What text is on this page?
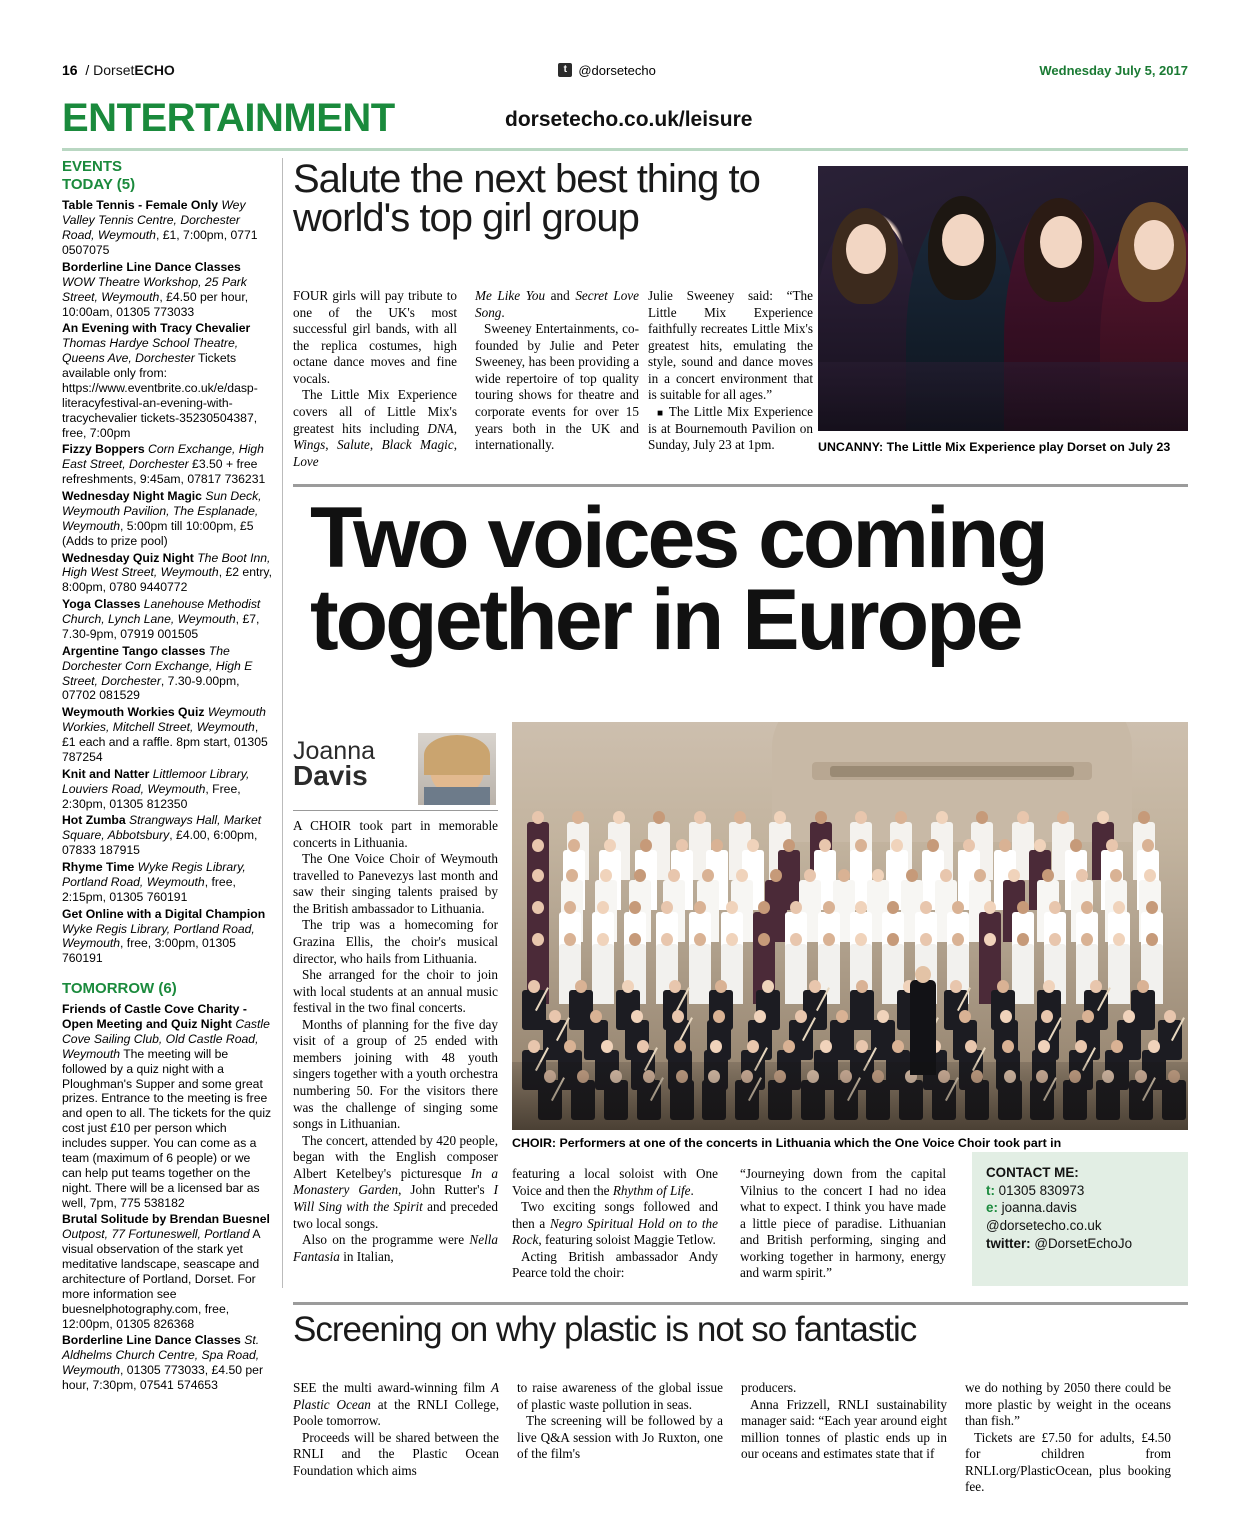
16  / DorsetECHO	t @dorsetecho	Wednesday July 5, 2017
ENTERTAINMENT	dorsetecho.co.uk/leisure
EVENTS
TODAY (5)
Table Tennis - Female Only Wey Valley Tennis Centre, Dorchester Road, Weymouth, £1, 7:00pm, 0771 0507075
Borderline Line Dance Classes WOW Theatre Workshop, 25 Park Street, Weymouth, £4.50 per hour, 10:00am, 01305 773033
An Evening with Tracy Chevalier Thomas Hardye School Theatre, Queens Ave, Dorchester Tickets available only from: https://www.eventbrite.co.uk/e/dasp-literacyfestival-an-evening-with-tracychevalier tickets-35230504387, free, 7:00pm
Fizzy Boppers Corn Exchange, High East Street, Dorchester £3.50 + free refreshments, 9:45am, 07817 736231
Wednesday Night Magic Sun Deck, Weymouth Pavilion, The Esplanade, Weymouth, 5:00pm till 10:00pm, £5 (Adds to prize pool)
Wednesday Quiz Night The Boot Inn, High West Street, Weymouth, £2 entry, 8:00pm, 0780 9440772
Yoga Classes Lanehouse Methodist Church, Lynch Lane, Weymouth, £7, 7.30-9pm, 07919 001505
Argentine Tango classes The Dorchester Corn Exchange, High E Street, Dorchester, 7.30-9.00pm, 07702 081529
Weymouth Workies Quiz Weymouth Workies, Mitchell Street, Weymouth, £1 each and a raffle. 8pm start, 01305 787254
Knit and Natter Littlemoor Library, Louviers Road, Weymouth, Free, 2:30pm, 01305 812350
Hot Zumba Strangways Hall, Market Square, Abbotsbury, £4.00, 6:00pm, 07833 187915
Rhyme Time Wyke Regis Library, Portland Road, Weymouth, free, 2:15pm, 01305 760191
Get Online with a Digital Champion Wyke Regis Library, Portland Road, Weymouth, free, 3:00pm, 01305 760191
TOMORROW (6)
Friends of Castle Cove Charity - Open Meeting and Quiz Night Castle Cove Sailing Club, Old Castle Road, Weymouth The meeting will be followed by a quiz night with a Ploughman's Supper and some great prizes. Entrance to the meeting is free and open to all. The tickets for the quiz cost just £10 per person which includes supper. You can come as a team (maximum of 6 people) or we can help put teams together on the night. There will be a licensed bar as well, 7pm, 775 538182
Brutal Solitude by Brendan Buesnel Outpost, 77 Fortuneswell, Portland A visual observation of the stark yet meditative landscape, seascape and architecture of Portland, Dorset. For more information see buesnelphotography.com, free, 12:00pm, 01305 826368
Borderline Line Dance Classes St. Aldhelms Church Centre, Spa Road, Weymouth, 01305 773033, £4.50 per hour, 7:30pm, 07541 574653
Salute the next best thing to world's top girl group
UNCANNY: The Little Mix Experience play Dorset on July 23

FOUR girls will pay tribute to one of the UK's most successful girl bands, with all the replica costumes, high octane dance moves and fine vocals.

The Little Mix Experience covers all of Little Mix's greatest hits including DNA, Wings, Salute, Black Magic, Love

Me Like You and Secret Love Song.

Sweeney Entertainments, co-founded by Julie and Peter Sweeney, has been providing a wide repertoire of top quality touring shows for theatre and corporate events for over 15 years both in the UK and internationally.

Julie Sweeney said: “The Little Mix Experience faithfully recreates Little Mix's greatest hits, emulating the style, sound and dance moves in a concert environment that is suitable for all ages.”

■ The Little Mix Experience is at Bournemouth Pavilion on Sunday, July 23 at 1pm.

Two voices coming
together in Europe
Joanna
Davis

A CHOIR took part in memorable concerts in Lithuania.

The One Voice Choir of Weymouth travelled to Panevezys last month and saw their singing talents praised by the British ambassador to Lithuania.

The trip was a homecoming for Grazina Ellis, the choir's musical director, who hails from Lithuania.

She arranged for the choir to join with local students at an annual music festival in the two final concerts.

Months of planning for the five day visit of a group of 25 ended with members joining with 48 youth singers together with a youth orchestra numbering 50. For the visitors there was the challenge of singing some songs in Lithuanian.

The concert, attended by 420 people, began with the English composer Albert Ketelbey's picturesque In a Monastery Garden, John Rutter's I Will Sing with the Spirit and preceded two local songs.

Also on the programme were Nella Fantasia in Italian,

CHOIR: Performers at one of the concerts in Lithuania which the One Voice Choir took part in

featuring a local soloist with One Voice and then the Rhythm of Life.

Two exciting songs followed and then a Negro Spiritual Hold on to the Rock, featuring soloist Maggie Tetlow.

Acting British ambassador Andy Pearce told the choir:

“Journeying down from the capital Vilnius to the concert I had no idea what to expect. I think you have made a little piece of paradise. Lithuanian and British performing, singing and working together in harmony, energy and warm spirit.”

CONTACT ME:
t: 01305 830973
e: joanna.davis
@dorsetecho.co.uk
twitter: @DorsetEchoJo
Screening on why plastic is not so fantastic

SEE the multi award-winning film A Plastic Ocean at the RNLI College, Poole tomorrow.

Proceeds will be shared between the RNLI and the Plastic Ocean Foundation which aims

to raise awareness of the global issue of plastic waste pollution in seas.

The screening will be followed by a live Q&A session with Jo Ruxton, one of the film's

producers.

Anna Frizzell, RNLI sustainability manager said: “Each year around eight million tonnes of plastic ends up in our oceans and estimates state that if

we do nothing by 2050 there could be more plastic by weight in the oceans than fish.”

Tickets are £7.50 for adults, £4.50 for children from RNLI.org/PlasticOcean, plus booking fee.
